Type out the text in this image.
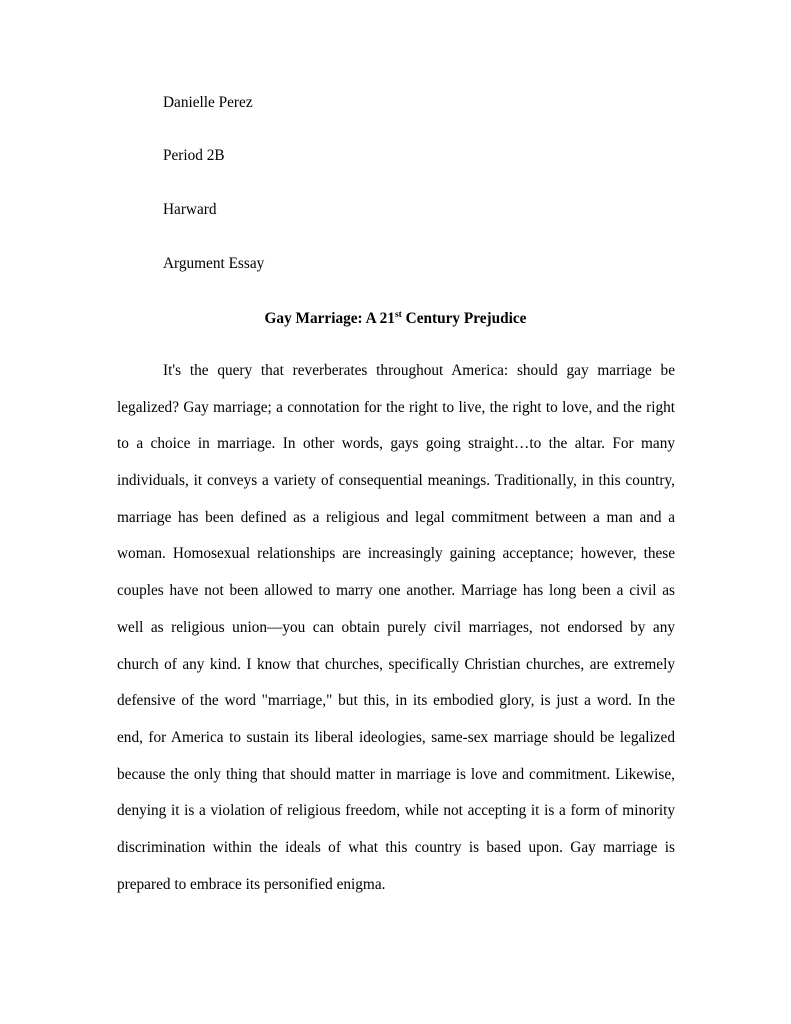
Danielle Perez
Period 2B
Harward
Argument Essay
Gay Marriage: A 21st Century Prejudice
It's the query that reverberates throughout America: should gay marriage be
legalized? Gay marriage; a connotation for the right to live, the right to love, and the right
to a choice in marriage. In other words, gays going straight…to the altar. For many
individuals, it conveys a variety of consequential meanings. Traditionally, in this country,
marriage has been defined as a religious and legal commitment between a man and a
woman. Homosexual relationships are increasingly gaining acceptance; however, these
couples have not been allowed to marry one another. Marriage has long been a civil as
well as religious union—you can obtain purely civil marriages, not endorsed by any
church of any kind. I know that churches, specifically Christian churches, are extremely
defensive of the word "marriage," but this, in its embodied glory, is just a word. In the
end, for America to sustain its liberal ideologies, same-sex marriage should be legalized
because the only thing that should matter in marriage is love and commitment. Likewise,
denying it is a violation of religious freedom, while not accepting it is a form of minority
discrimination within the ideals of what this country is based upon. Gay marriage is
prepared to embrace its personified enigma.
